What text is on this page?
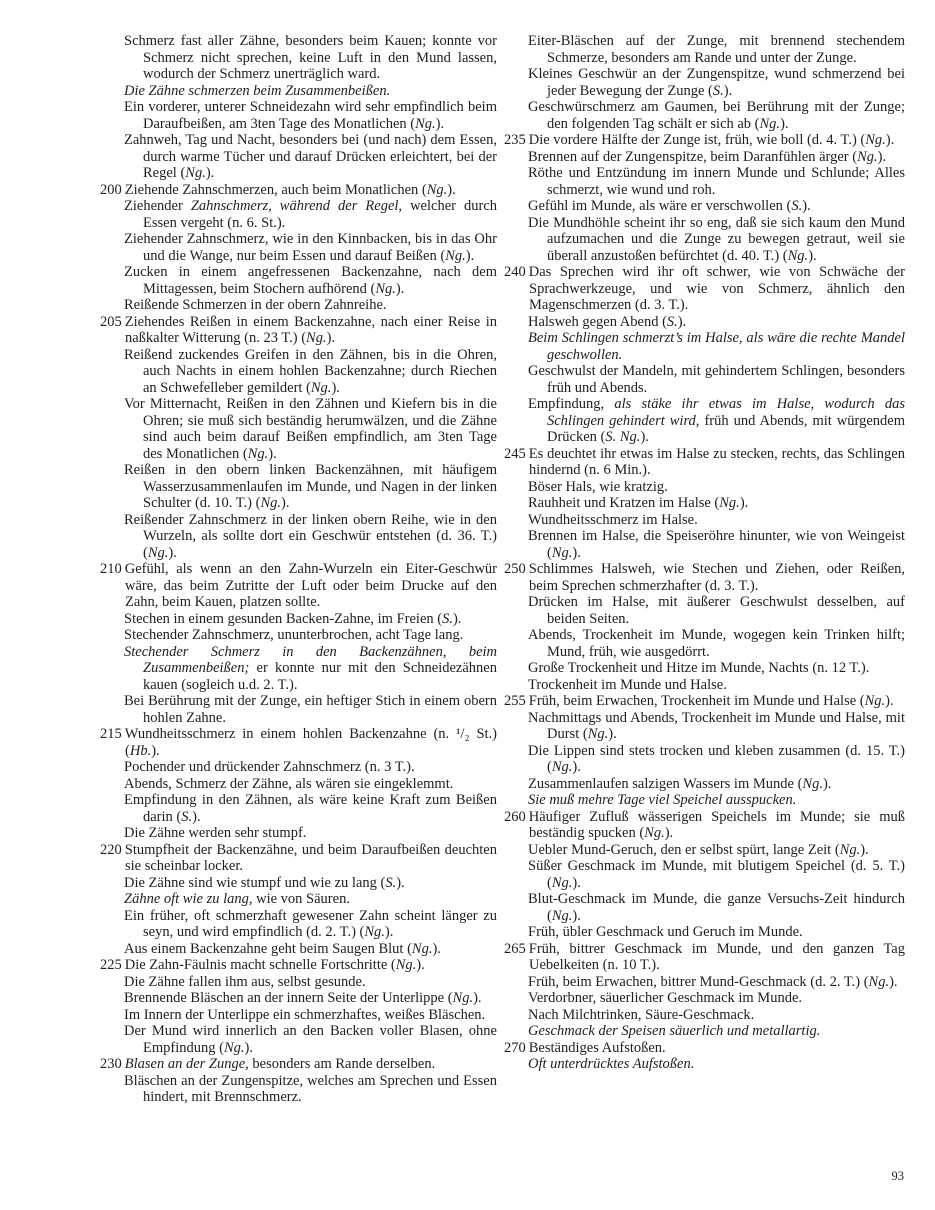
Schmerz fast aller Zähne, besonders beim Kauen; konnte vor Schmerz nicht sprechen, keine Luft in den Mund lassen, wodurch der Schmerz unerträglich ward.
Die Zähne schmerzen beim Zusammenbeißen.
Ein vorderer, unterer Schneidezahn wird sehr empfindlich beim Daraufbeißen, am 3ten Tage des Monatlichen (Ng.).
Zahnweh, Tag und Nacht, besonders bei (und nach) dem Essen, durch warme Tücher und darauf Drücken erleichtert, bei der Regel (Ng.).
200 Ziehende Zahnschmerzen, auch beim Monatlichen (Ng.).
Ziehender Zahnschmerz, während der Regel, welcher durch Essen vergeht (n. 6. St.).
Ziehender Zahnschmerz, wie in den Kinnbacken, bis in das Ohr und die Wange, nur beim Essen und darauf Beißen (Ng.).
Zucken in einem angefressenen Backenzahne, nach dem Mittagessen, beim Stochern aufhörend (Ng.).
Reißende Schmerzen in der obern Zahnreihe.
205 Ziehendes Reißen in einem Backenzahne, nach einer Reise in naßkalter Witterung (n. 23 T.) (Ng.).
Reißend zuckendes Greifen in den Zähnen, bis in die Ohren, auch Nachts in einem hohlen Backenzahne; durch Riechen an Schwefelleber gemildert (Ng.).
Vor Mitternacht, Reißen in den Zähnen und Kiefern bis in die Ohren; sie muß sich beständig herumwälzen, und die Zähne sind auch beim darauf Beißen empfindlich, am 3ten Tage des Monatlichen (Ng.).
Reißen in den obern linken Backenzähnen, mit häufigem Wasserzusammenlaufen im Munde, und Nagen in der linken Schulter (d. 10. T.) (Ng.).
Reißender Zahnschmerz in der linken obern Reihe, wie in den Wurzeln, als sollte dort ein Geschwür entstehen (d. 36. T.) (Ng.).
210 Gefühl, als wenn an den Zahn-Wurzeln ein Eiter-Geschwür wäre, das beim Zutritte der Luft oder beim Drucke auf den Zahn, beim Kauen, platzen sollte.
Stechen in einem gesunden Backen-Zahne, im Freien (S.).
Stechender Zahnschmerz, ununterbrochen, acht Tage lang.
Stechender Schmerz in den Backenzähnen, beim Zusammenbeißen; er konnte nur mit den Schneidezähnen kauen (sogleich u.d. 2. T.).
Bei Berührung mit der Zunge, ein heftiger Stich in einem obern hohlen Zahne.
215 Wundheitsschmerz in einem hohlen Backenzahne (n. ¹/₂ St.) (Hb.).
Pochender und drückender Zahnschmerz (n. 3 T.).
Abends, Schmerz der Zähne, als wären sie eingeklemmt.
Empfindung in den Zähnen, als wäre keine Kraft zum Beißen darin (S.).
Die Zähne werden sehr stumpf.
220 Stumpfheit der Backenzähne, und beim Daraufbeißen deuchten sie scheinbar locker.
Die Zähne sind wie stumpf und wie zu lang (S.).
Zähne oft wie zu lang, wie von Säuren.
Ein früher, oft schmerzhaft gewesener Zahn scheint länger zu seyn, und wird empfindlich (d. 2. T.) (Ng.).
Aus einem Backenzahne geht beim Saugen Blut (Ng.).
225 Die Zahn-Fäulnis macht schnelle Fortschritte (Ng.).
Die Zähne fallen ihm aus, selbst gesunde.
Brennende Bläschen an der innern Seite der Unterlippe (Ng.).
Im Innern der Unterlippe ein schmerzhaftes, weißes Bläschen.
Der Mund wird innerlich an den Backen voller Blasen, ohne Empfindung (Ng.).
230 Blasen an der Zunge, besonders am Rande derselben.
Bläschen an der Zungenspitze, welches am Sprechen und Essen hindert, mit Brennschmerz.
Eiter-Bläschen auf der Zunge, mit brennend stechendem Schmerze, besonders am Rande und unter der Zunge.
Kleines Geschwür an der Zungenspitze, wund schmerzend bei jeder Bewegung der Zunge (S.).
Geschwürschmerz am Gaumen, bei Berührung mit der Zunge; den folgenden Tag schält er sich ab (Ng.).
235 Die vordere Hälfte der Zunge ist, früh, wie boll (d. 4. T.) (Ng.).
Brennen auf der Zungenspitze, beim Daranfühlen ärger (Ng.).
Röthe und Entzündung im innern Munde und Schlunde; Alles schmerzt, wie wund und roh.
Gefühl im Munde, als wäre er verschwollen (S.).
Die Mundhöhle scheint ihr so eng, daß sie sich kaum den Mund aufzumachen und die Zunge zu bewegen getraut, weil sie überall anzustoßen befürchtet (d. 40. T.) (Ng.).
240 Das Sprechen wird ihr oft schwer, wie von Schwäche der Sprachwerkzeuge, und wie von Schmerz, ähnlich den Magenschmerzen (d. 3. T.).
Halsweh gegen Abend (S.).
Beim Schlingen schmerzt’s im Halse, als wäre die rechte Mandel geschwollen.
Geschwulst der Mandeln, mit gehindertem Schlingen, besonders früh und Abends.
Empfindung, als stäke ihr etwas im Halse, wodurch das Schlingen gehindert wird, früh und Abends, mit würgendem Drücken (S. Ng.).
245 Es deuchtet ihr etwas im Halse zu stecken, rechts, das Schlingen hindernd (n. 6 Min.).
Böser Hals, wie kratzig.
Rauhheit und Kratzen im Halse (Ng.).
Wundheitsschmerz im Halse.
Brennen im Halse, die Speiseröhre hinunter, wie von Weingeist (Ng.).
250 Schlimmes Halsweh, wie Stechen und Ziehen, oder Reißen, beim Sprechen schmerzhafter (d. 3. T.).
Drücken im Halse, mit äußerer Geschwulst desselben, auf beiden Seiten.
Abends, Trockenheit im Munde, wogegen kein Trinken hilft; Mund, früh, wie ausgedörrt.
Große Trockenheit und Hitze im Munde, Nachts (n. 12 T.).
Trockenheit im Munde und Halse.
255 Früh, beim Erwachen, Trockenheit im Munde und Halse (Ng.).
Nachmittags und Abends, Trockenheit im Munde und Halse, mit Durst (Ng.).
Die Lippen sind stets trocken und kleben zusammen (d. 15. T.) (Ng.).
Zusammenlaufen salzigen Wassers im Munde (Ng.).
Sie muß mehre Tage viel Speichel ausspucken.
260 Häufiger Zufluß wässerigen Speichels im Munde; sie muß beständig spucken (Ng.).
Uebler Mund-Geruch, den er selbst spürt, lange Zeit (Ng.).
Süßer Geschmack im Munde, mit blutigem Speichel (d. 5. T.) (Ng.).
Blut-Geschmack im Munde, die ganze Versuchs-Zeit hindurch (Ng.).
Früh, übler Geschmack und Geruch im Munde.
265 Früh, bittrer Geschmack im Munde, und den ganzen Tag Uebelkeiten (n. 10 T.).
Früh, beim Erwachen, bittrer Mund-Geschmack (d. 2. T.) (Ng.).
Verdorbner, säuerlicher Geschmack im Munde.
Nach Milchtrinken, Säure-Geschmack.
Geschmack der Speisen säuerlich und metallartig.
270 Beständiges Aufstoßen.
Oft unterdrücktes Aufstoßen.
93
